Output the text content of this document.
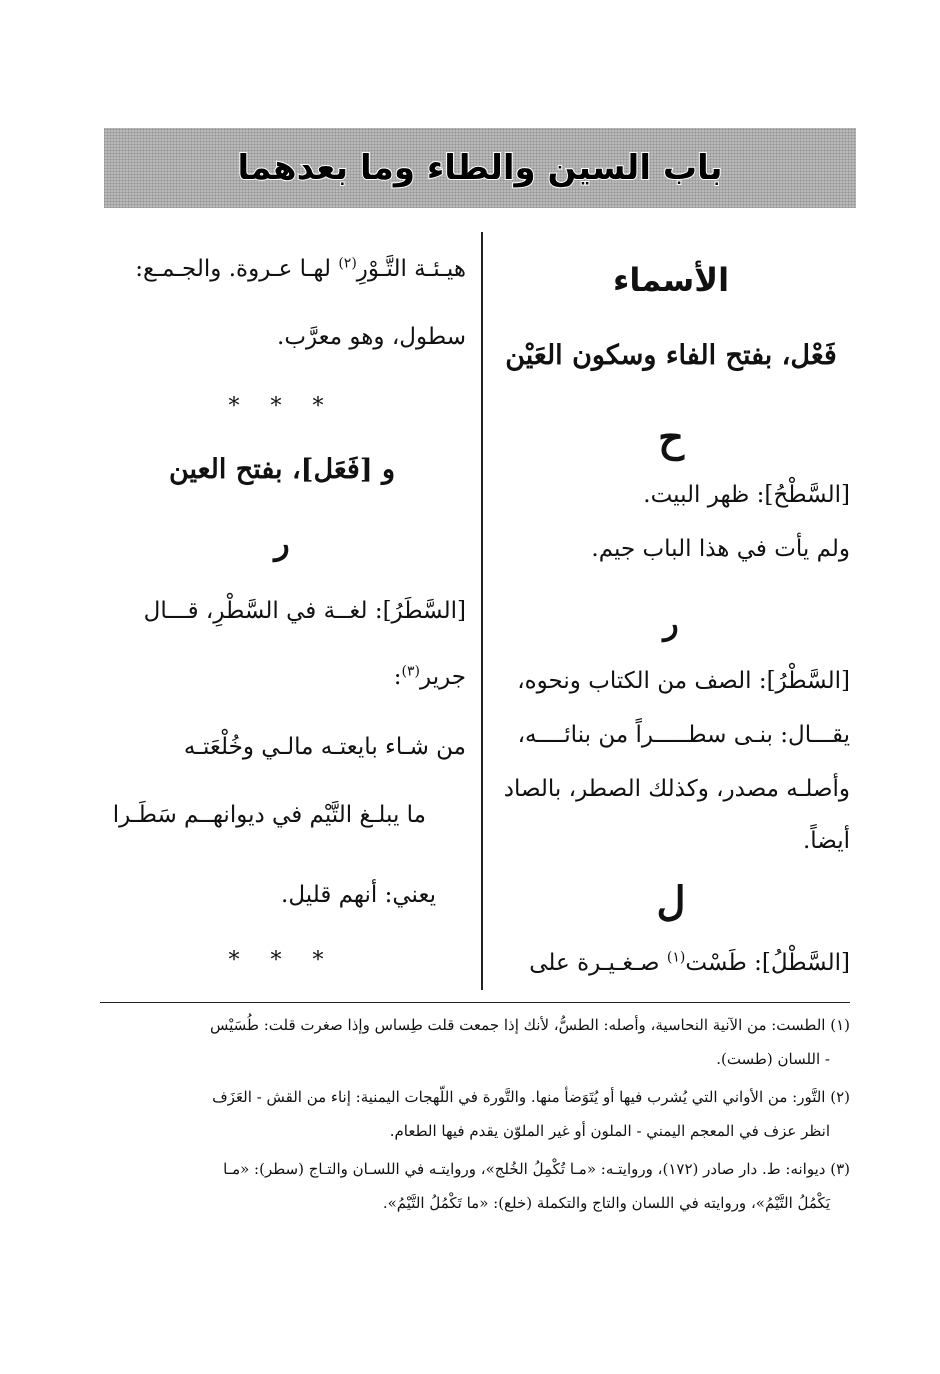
باب السين والطاء وما بعدهما
الأسماء
فَعْل، بفتح الفاء وسكون العَيْن
ح
[السَّطْحُ]: ظهر البيت.
ولم يأت في هذا الباب جيم.
ر
[السَّطْرُ]: الصف من الكتاب ونحوه،
يقـــال: بنـى سطـــــراً من بنائــــه،
وأصلـه مصدر، وكذلك الصطر، بالصاد
أيضاً.
ل
[السَّطْلُ]: طَسْت$^{(١)}$ صـغـيـرة على
هيـئـة التَّـوْرِ$^{(٢)}$ لهـا عـروة. والجـمـع:
سطول، وهو معرَّب.
* * *
و [فَعَل]، بفتح العين
ر
[السَّطَرُ]: لغــة في السَّطْرِ، قـــال
جرير$^{(٣)}$:
من شـاء بايعتـه مالـي وخُلْعَتـه
ما يبلـغ التَّيْم في ديوانهــم سَطَـرا
يعني: أنهم قليل.
* * *
(١) الطست: من الآنية النحاسية، وأصله: الطسُّ، لأنك إذا جمعت قلت طِساس وإذا صغرت قلت: طُسَيْس
- اللسان (طست).
(٢) التَّور: من الأواني التي يُشرب فيها أو يُتَوَضأ منها. والتَّورة في اللّهجات اليمنية: إناء من القش - العَزَف
انظر عزف في المعجم اليمني - الملون أو غير الملوّن يقدم فيها الطعام.
(٣) ديوانه: ط. دار صادر (١٧٢)، وروايتـه: «مـا تُكْمِلُ الخُلج»، وروايتـه في اللسـان والتـاج (سطر): «مـا
يَكْمُلُ التَّيْمُ»، وروايته في اللسان والتاج والتكملة (خلع): «ما تَكْمُلُ التَّيْمُ».
